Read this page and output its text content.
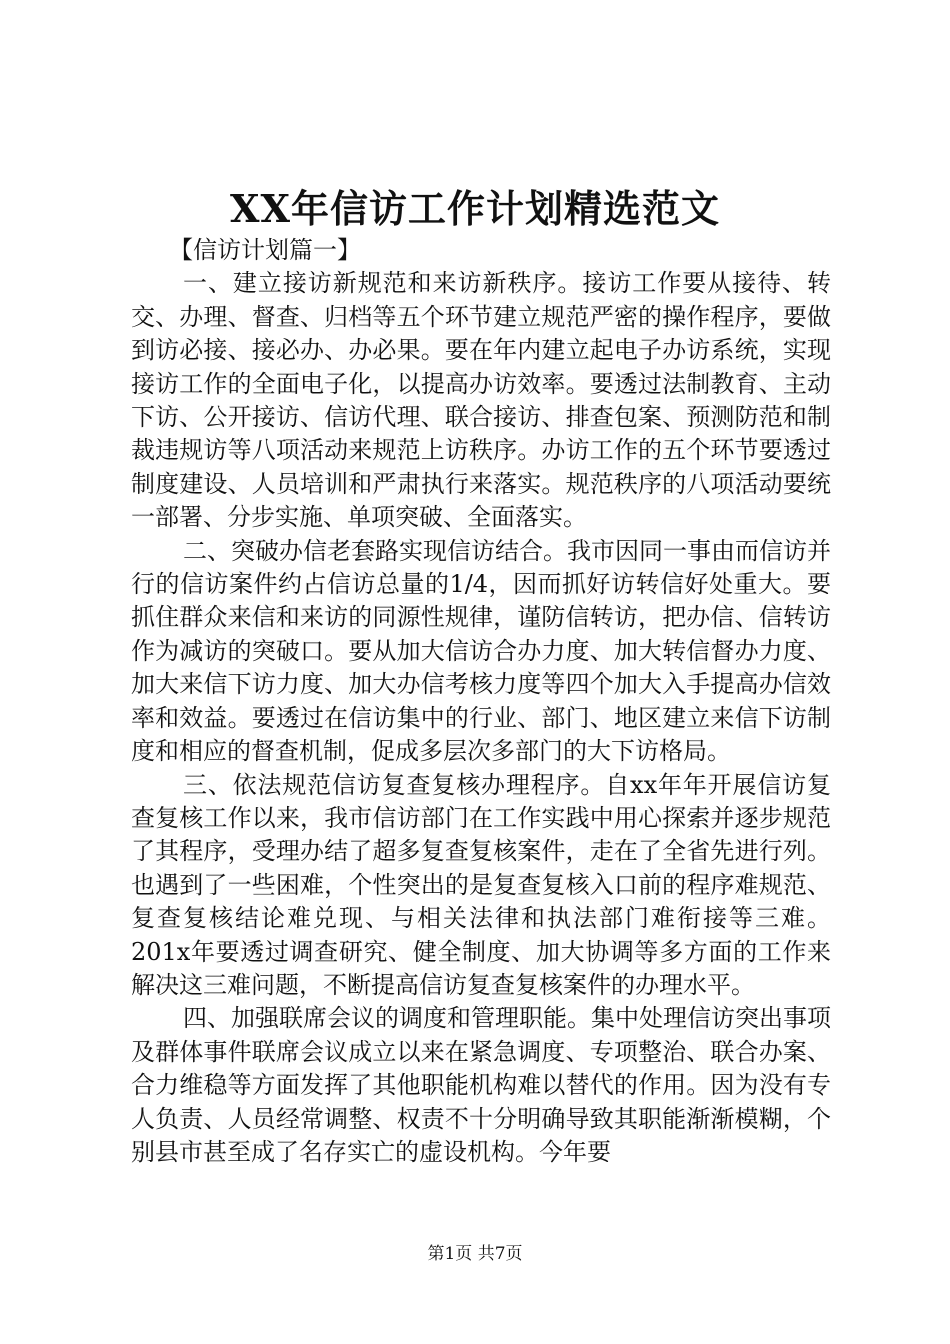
XX年信访工作计划精选范文

【信访计划篇一】

一、建立接访新规范和来访新秩序。接访工作要从接待、转交、办理、督查、归档等五个环节建立规范严密的操作程序，要做到访必接、接必办、办必果。要在年内建立起电子办访系统，实现接访工作的全面电子化，以提高办访效率。要透过法制教育、主动下访、公开接访、信访代理、联合接访、排查包案、预测防范和制裁违规访等八项活动来规范上访秩序。办访工作的五个环节要透过制度建设、人员培训和严肃执行来落实。规范秩序的八项活动要统一部署、分步实施、单项突破、全面落实。

二、突破办信老套路实现信访结合。我市因同一事由而信访并行的信访案件约占信访总量的1/4，因而抓好访转信好处重大。要抓住群众来信和来访的同源性规律，谨防信转访，把办信、信转访作为减访的突破口。要从加大信访合办力度、加大转信督办力度、加大来信下访力度、加大办信考核力度等四个加大入手提高办信效率和效益。要透过在信访集中的行业、部门、地区建立来信下访制度和相应的督查机制，促成多层次多部门的大下访格局。

三、依法规范信访复查复核办理程序。自xx年年开展信访复查复核工作以来，我市信访部门在工作实践中用心探索并逐步规范了其程序，受理办结了超多复查复核案件，走在了全省先进行列。也遇到了一些困难，个性突出的是复查复核入口前的程序难规范、复查复核结论难兑现、与相关法律和执法部门难衔接等三难。201x年要透过调查研究、健全制度、加大协调等多方面的工作来解决这三难问题，不断提高信访复查复核案件的办理水平。

四、加强联席会议的调度和管理职能。集中处理信访突出事项及群体事件联席会议成立以来在紧急调度、专项整治、联合办案、合力维稳等方面发挥了其他职能机构难以替代的作用。因为没有专人负责、人员经常调整、权责不十分明确导致其职能渐渐模糊，个别县市甚至成了名存实亡的虚设机构。今年要

第1页 共7页
